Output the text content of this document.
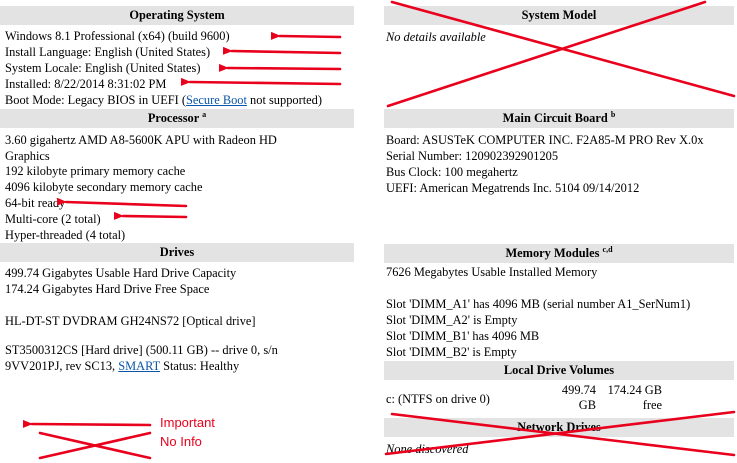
Operating System
Windows 8.1 Professional (x64) (build 9600)
Install Language: English (United States)
System Locale: English (United States)
Installed: 8/22/2014 8:31:02 PM
Boot Mode: Legacy BIOS in UEFI (Secure Boot not supported)
Processor $^a$
3.60 gigahertz AMD A8-5600K APU with Radeon HD Graphics
192 kilobyte primary memory cache
4096 kilobyte secondary memory cache
64-bit ready
Multi-core (2 total)
Hyper-threaded (4 total)
Drives
499.74 Gigabytes Usable Hard Drive Capacity
174.24 Gigabytes Hard Drive Free Space
HL-DT-ST DVDRAM GH24NS72 [Optical drive]
ST3500312CS [Hard drive] (500.11 GB) -- drive 0, s/n
9VV201PJ, rev SC13, SMART Status: Healthy
Important
No Info
System Model
No details available
Main Circuit Board $^b$
Board: ASUSTeK COMPUTER INC. F2A85-M PRO Rev X.0x
Serial Number: 120902392901205
Bus Clock: 100 megahertz
UEFI: American Megatrends Inc. 5104 09/14/2012
Memory Modules $^{c,d}$
7626 Megabytes Usable Installed Memory
Slot 'DIMM_A1' has 4096 MB (serial number A1_SerNum1)
Slot 'DIMM_A2' is Empty
Slot 'DIMM_B1' has 4096 MB
Slot 'DIMM_B2' is Empty
Local Drive Volumes
c: (NTFS on drive 0)
499.74
GB
174.24 GB
free
Network Drives
None discovered
